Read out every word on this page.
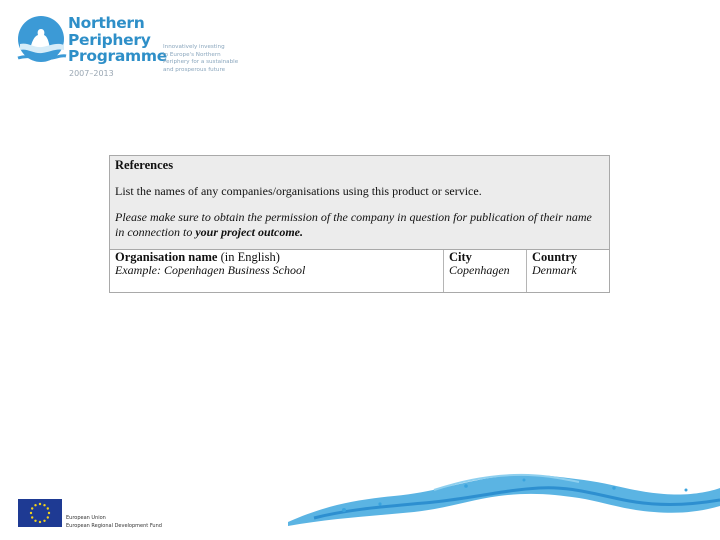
Northern
Periphery
Programme
2007–2013
Innovatively investing
in Europe's Northern
Periphery for a sustainable
and prosperous future
References
List the names of any companies/organisations using this product or service.
Please make sure to obtain the permission of the company in question for publication of their name in connection to your project outcome.
Organisation name (in English)
Example: Copenhagen Business School
City
Copenhagen
Country
Denmark
European Union
European Regional Development Fund
